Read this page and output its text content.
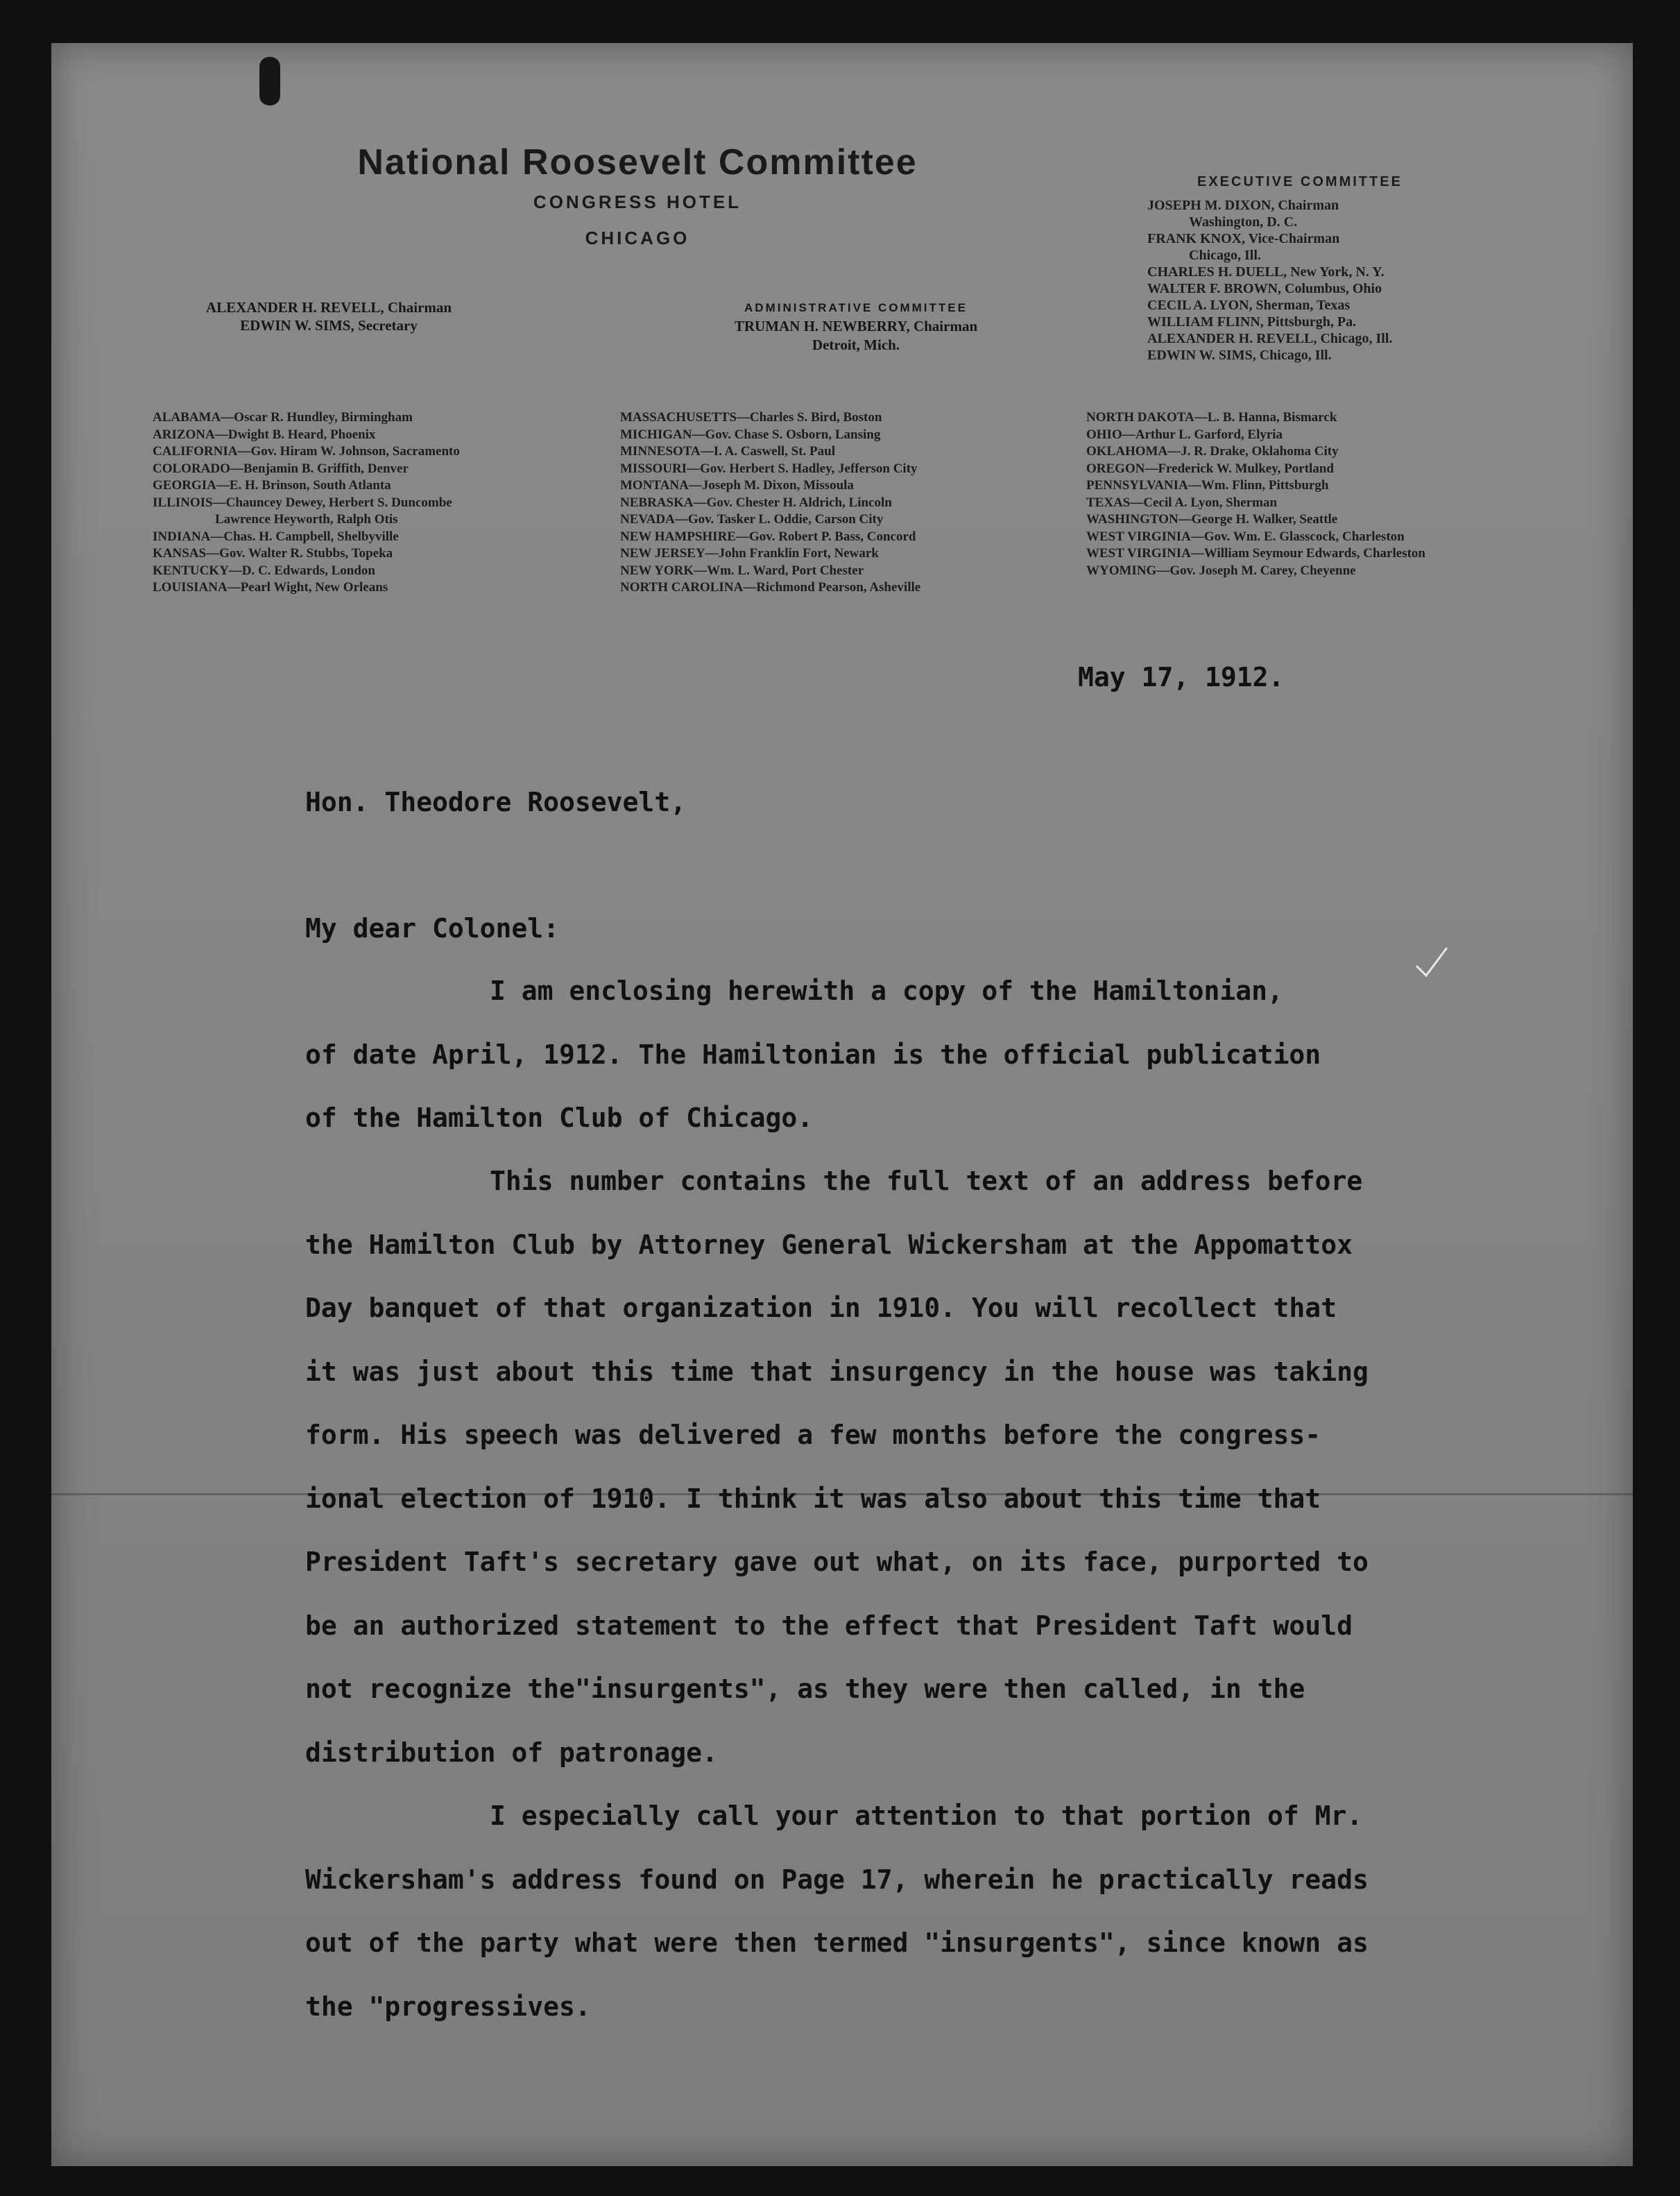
National Roosevelt Committee
CONGRESS HOTEL
CHICAGO
EXECUTIVE COMMITTEE
JOSEPH M. DIXON, Chairman
Washington, D. C.
FRANK KNOX, Vice-Chairman
Chicago, Ill.
CHARLES H. DUELL, New York, N. Y.
WALTER F. BROWN, Columbus, Ohio
CECIL A. LYON, Sherman, Texas
WILLIAM FLINN, Pittsburgh, Pa.
ALEXANDER H. REVELL, Chicago, Ill.
EDWIN W. SIMS, Chicago, Ill.
ALEXANDER H. REVELL, Chairman
EDWIN W. SIMS, Secretary
ADMINISTRATIVE COMMITTEE
TRUMAN H. NEWBERRY, Chairman
Detroit, Mich.
ALABAMA—Oscar R. Hundley, Birmingham
ARIZONA—Dwight B. Heard, Phoenix
CALIFORNIA—Gov. Hiram W. Johnson, Sacramento
COLORADO—Benjamin B. Griffith, Denver
GEORGIA—E. H. Brinson, South Atlanta
ILLINOIS—Chauncey Dewey, Herbert S. Duncombe
Lawrence Heyworth, Ralph Otis
INDIANA—Chas. H. Campbell, Shelbyville
KANSAS—Gov. Walter R. Stubbs, Topeka
KENTUCKY—D. C. Edwards, London
LOUISIANA—Pearl Wight, New Orleans
MASSACHUSETTS—Charles S. Bird, Boston
MICHIGAN—Gov. Chase S. Osborn, Lansing
MINNESOTA—I. A. Caswell, St. Paul
MISSOURI—Gov. Herbert S. Hadley, Jefferson City
MONTANA—Joseph M. Dixon, Missoula
NEBRASKA—Gov. Chester H. Aldrich, Lincoln
NEVADA—Gov. Tasker L. Oddie, Carson City
NEW HAMPSHIRE—Gov. Robert P. Bass, Concord
NEW JERSEY—John Franklin Fort, Newark
NEW YORK—Wm. L. Ward, Port Chester
NORTH CAROLINA—Richmond Pearson, Asheville
NORTH DAKOTA—L. B. Hanna, Bismarck
OHIO—Arthur L. Garford, Elyria
OKLAHOMA—J. R. Drake, Oklahoma City
OREGON—Frederick W. Mulkey, Portland
PENNSYLVANIA—Wm. Flinn, Pittsburgh
TEXAS—Cecil A. Lyon, Sherman
WASHINGTON—George H. Walker, Seattle
WEST VIRGINIA—Gov. Wm. E. Glasscock, Charleston
WEST VIRGINIA—William Seymour Edwards, Charleston
WYOMING—Gov. Joseph M. Carey, Cheyenne
May 17, 1912.
Hon. Theodore Roosevelt,
My dear Colonel:
I am enclosing herewith a copy of the Hamiltonian,
of date April, 1912. The Hamiltonian is the official publication
of the Hamilton Club of Chicago.
This number contains the full text of an address before
the Hamilton Club by Attorney General Wickersham at the Appomattox
Day banquet of that organization in 1910. You will recollect that
it was just about this time that insurgency in the house was taking
form. His speech was delivered a few months before the congress-
ional election of 1910. I think it was also about this time that
President Taft's secretary gave out what, on its face, purported to
be an authorized statement to the effect that President Taft would
not recognize the"insurgents", as they were then called, in the
distribution of patronage.
I especially call your attention to that portion of Mr.
Wickersham's address found on Page 17, wherein he practically reads
out of the party what were then termed "insurgents", since known as
the "progressives.
